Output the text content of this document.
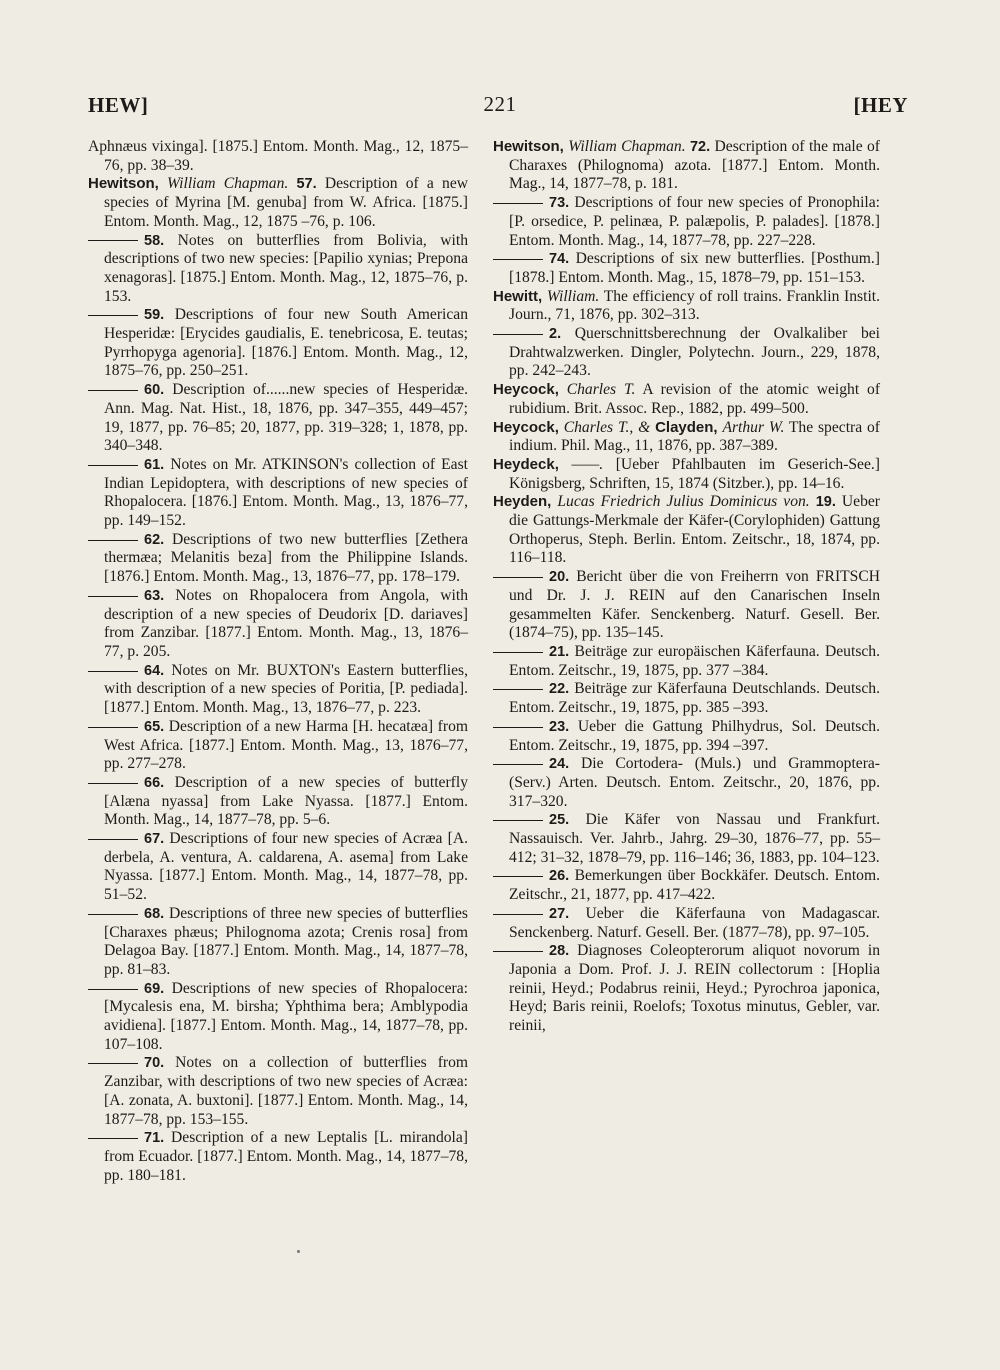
HEW]	221	[HEY

Aphnæus vixinga]. [1875.] Entom. Month. Mag., 12, 1875–76, pp. 38–39.

Hewitson, William Chapman. 57. Description of a new species of Myrina [M. genuba] from W. Africa. [1875.] Entom. Month. Mag., 12, 1875 –76, p. 106.

58. Notes on butterflies from Bolivia, with descriptions of two new species: [Papilio xynias; Prepona xenagoras]. [1875.] Entom. Month. Mag., 12, 1875–76, p. 153.

59. Descriptions of four new South American Hesperidæ: [Erycides gaudialis, E. tenebricosa, E. teutas; Pyrrhopyga agenoria]. [1876.] Entom. Month. Mag., 12, 1875–76, pp. 250–251.

60. Description of......new species of Hesperidæ. Ann. Mag. Nat. Hist., 18, 1876, pp. 347–355, 449–457; 19, 1877, pp. 76–85; 20, 1877, pp. 319–328; 1, 1878, pp. 340–348.

61. Notes on Mr. ATKINSON's collection of East Indian Lepidoptera, with descriptions of new species of Rhopalocera. [1876.] Entom. Month. Mag., 13, 1876–77, pp. 149–152.

62. Descriptions of two new butterflies [Zethera thermæa; Melanitis beza] from the Philippine Islands. [1876.] Entom. Month. Mag., 13, 1876–77, pp. 178–179.

63. Notes on Rhopalocera from Angola, with description of a new species of Deudorix [D. dariaves] from Zanzibar. [1877.] Entom. Month. Mag., 13, 1876–77, p. 205.

64. Notes on Mr. BUXTON's Eastern butterflies, with description of a new species of Poritia, [P. pediada]. [1877.] Entom. Month. Mag., 13, 1876–77, p. 223.

65. Description of a new Harma [H. hecatæa] from West Africa. [1877.] Entom. Month. Mag., 13, 1876–77, pp. 277–278.

66. Description of a new species of butterfly [Alæna nyassa] from Lake Nyassa. [1877.] Entom. Month. Mag., 14, 1877–78, pp. 5–6.

67. Descriptions of four new species of Acræa [A. derbela, A. ventura, A. caldarena, A. asema] from Lake Nyassa. [1877.] Entom. Month. Mag., 14, 1877–78, pp. 51–52.

68. Descriptions of three new species of butterflies [Charaxes phæus; Philognoma azota; Crenis rosa] from Delagoa Bay. [1877.] Entom. Month. Mag., 14, 1877–78, pp. 81–83.

69. Descriptions of new species of Rhopalocera: [Mycalesis ena, M. birsha; Yphthima bera; Amblypodia avidiena]. [1877.] Entom. Month. Mag., 14, 1877–78, pp. 107–108.

70. Notes on a collection of butterflies from Zanzibar, with descriptions of two new species of Acræa: [A. zonata, A. buxtoni]. [1877.] Entom. Month. Mag., 14, 1877–78, pp. 153–155.

71. Description of a new Leptalis [L. mirandola] from Ecuador. [1877.] Entom. Month. Mag., 14, 1877–78, pp. 180–181.

Hewitson, William Chapman. 72. Description of the male of Charaxes (Philognoma) azota. [1877.] Entom. Month. Mag., 14, 1877–78, p. 181.

73. Descriptions of four new species of Pronophila: [P. orsedice, P. pelinæa, P. palæpolis, P. palades]. [1878.] Entom. Month. Mag., 14, 1877–78, pp. 227–228.

74. Descriptions of six new butterflies. [Posthum.] [1878.] Entom. Month. Mag., 15, 1878–79, pp. 151–153.

Hewitt, William. The efficiency of roll trains. Franklin Instit. Journ., 71, 1876, pp. 302–313.

2. Querschnittsberechnung der Ovalkaliber bei Drahtwalzwerken. Dingler, Polytechn. Journ., 229, 1878, pp. 242–243.

Heycock, Charles T. A revision of the atomic weight of rubidium. Brit. Assoc. Rep., 1882, pp. 499–500.

Heycock, Charles T., & Clayden, Arthur W. The spectra of indium. Phil. Mag., 11, 1876, pp. 387–389.

Heydeck, ——. [Ueber Pfahlbauten im Geserich-See.] Königsberg, Schriften, 15, 1874 (Sitzber.), pp. 14–16.

Heyden, Lucas Friedrich Julius Dominicus von. 19. Ueber die Gattungs-Merkmale der Käfer-(Corylophiden) Gattung Orthoperus, Steph. Berlin. Entom. Zeitschr., 18, 1874, pp. 116–118.

20. Bericht über die von Freiherrn von FRITSCH und Dr. J. J. REIN auf den Canarischen Inseln gesammelten Käfer. Senckenberg. Naturf. Gesell. Ber. (1874–75), pp. 135–145.

21. Beiträge zur europäischen Käferfauna. Deutsch. Entom. Zeitschr., 19, 1875, pp. 377 –384.

22. Beiträge zur Käferfauna Deutschlands. Deutsch. Entom. Zeitschr., 19, 1875, pp. 385 –393.

23. Ueber die Gattung Philhydrus, Sol. Deutsch. Entom. Zeitschr., 19, 1875, pp. 394 –397.

24. Die Cortodera- (Muls.) und Grammoptera- (Serv.) Arten. Deutsch. Entom. Zeitschr., 20, 1876, pp. 317–320.

25. Die Käfer von Nassau und Frankfurt. Nassauisch. Ver. Jahrb., Jahrg. 29–30, 1876–77, pp. 55–412; 31–32, 1878–79, pp. 116–146; 36, 1883, pp. 104–123.

26. Bemerkungen über Bockkäfer. Deutsch. Entom. Zeitschr., 21, 1877, pp. 417–422.

27. Ueber die Käferfauna von Madagascar. Senckenberg. Naturf. Gesell. Ber. (1877–78), pp. 97–105.

28. Diagnoses Coleopterorum aliquot novorum in Japonia a Dom. Prof. J. J. REIN collectorum : [Hoplia reinii, Heyd.; Podabrus reinii, Heyd.; Pyrochroa japonica, Heyd; Baris reinii, Roelofs; Toxotus minutus, Gebler, var. reinii,
